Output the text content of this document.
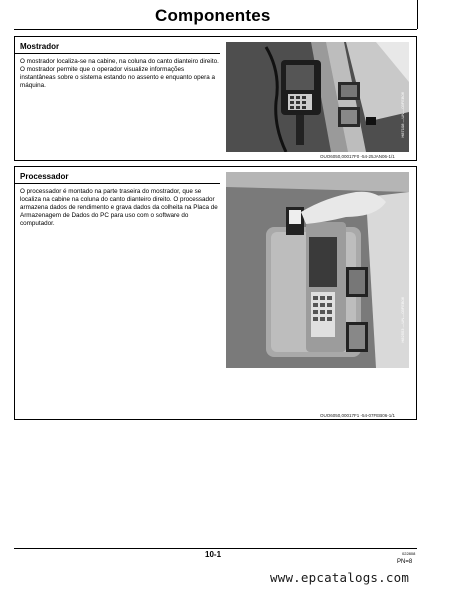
Componentes
Mostrador
O mostrador localiza-se na cabine, na coluna do canto dianteiro direito. O mostrador permite que o operador visualize informações instantâneas sobre o sistema estando no assento e enquanto opera a máquina.
H87108 —UN—03FEB06
OUO6050,00017F0 -54-25JAN06-1/1
Processador
O processador é montado na parte traseira do mostrador, que se localiza na cabine na coluna do canto dianteiro direito. O processador armazena dados de rendimento e grava dados da colheita na Placa de Armazenagem de Dados do PC para uso com o software do computador.
H82553 —UN—03FEB06
OUO6050,00017F1 -54-07FEB06-1/1
10-1	022808
PN=8
www.epcatalogs.com
